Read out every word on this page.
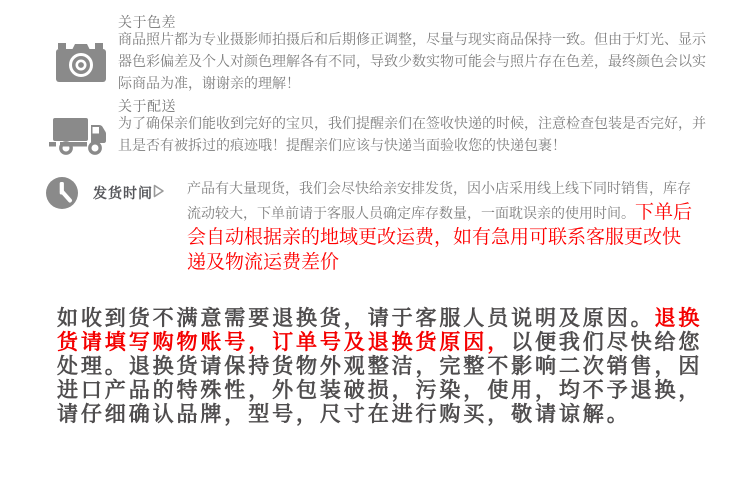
关于色差

商品照片都为专业摄影师拍摄后和后期修正调整，尽量与现实商品保持一致。但由于灯光、显示器色彩偏差及个人对颜色理解各有不同，导致少数实物可能会与照片存在色差，最终颜色会以实际商品为准，谢谢亲的理解！

关于配送

为了确保亲们能收到完好的宝贝，我们提醒亲们在签收快递的时候，注意检查包装是否完好，并且是否有被拆过的痕迹哦！提醒亲们应该与快递当面验收您的快递包裹！

发货时间 产品有大量现货，我们会尽快给亲安排发货，因小店采用线上线下同时销售，库存
流动较大，下单前请于客服人员确定库存数量，一面耽误亲的使用时间。下单后
会自动根据亲的地域更改运费，如有急用可联系客服更改快
递及物流运费差价
如收到货不满意需要退换货，请于客服人员说明及原因。退换
货请填写购物账号，订单号及退换货原因，以便我们尽快给您
处理。退换货请保持货物外观整洁，完整不影响二次销售，因
进口产品的特殊性，外包装破损，污染，使用，均不予退换，
请仔细确认品牌，型号，尺寸在进行购买，敬请谅解。
